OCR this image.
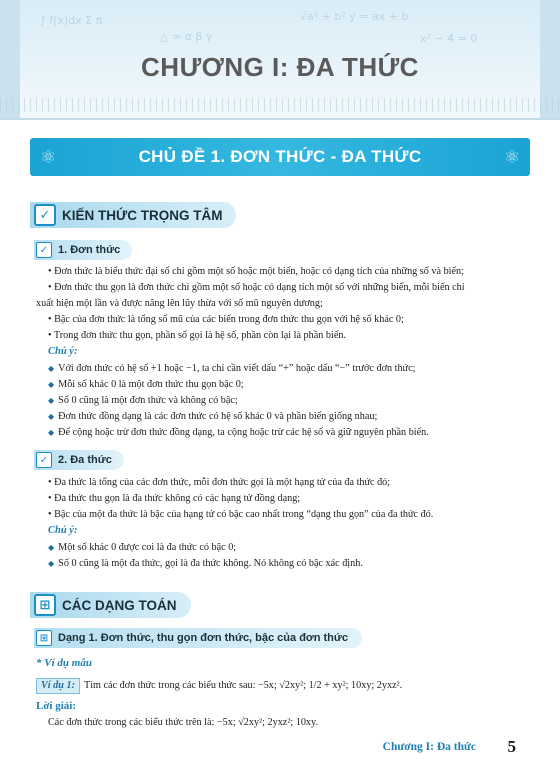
∫ f(x)dx Σ π	√a² + b² y = ax + b
△ ∞ α β γ	x² − 4 = 0
CHƯƠNG I: ĐA THỨC
⚛	CHỦ ĐỀ 1. ĐƠN THỨC - ĐA THỨC	⚛
✓ KIẾN THỨC TRỌNG TÂM
✓ 1. Đơn thức
• Đơn thức là biểu thức đại số chỉ gồm một số hoặc một biến, hoặc có dạng tích của những số và biến;
• Đơn thức thu gọn là đơn thức chỉ gồm một số hoặc có dạng tích một số với những biến, mỗi biến chỉ
xuất hiện một lần và được nâng lên lũy thừa với số mũ nguyên dương;
• Bậc của đơn thức là tổng số mũ của các biến trong đơn thức thu gọn với hệ số khác 0;
• Trong đơn thức thu gọn, phần số gọi là hệ số, phần còn lại là phần biến.
Chú ý:
◆ Với đơn thức có hệ số +1 hoặc −1, ta chỉ cần viết dấu “+” hoặc dấu “−” trước đơn thức;
◆ Mỗi số khác 0 là một đơn thức thu gọn bậc 0;
◆ Số 0 cũng là một đơn thức và không có bậc;
◆ Đơn thức đồng dạng là các đơn thức có hệ số khác 0 và phần biến giống nhau;
◆ Để cộng hoặc trừ đơn thức đồng dạng, ta cộng hoặc trừ các hệ số và giữ nguyên phần biến.
✓ 2. Đa thức
• Đa thức là tổng của các đơn thức, mỗi đơn thức gọi là một hạng tử của đa thức đó;
• Đa thức thu gọn là đa thức không có các hạng tử đồng dạng;
• Bậc của một đa thức là bậc của hạng tử có bậc cao nhất trong “dạng thu gọn” của đa thức đó.
Chú ý:
◆ Một số khác 0 được coi là đa thức có bậc 0;
◆ Số 0 cũng là một đa thức, gọi là đa thức không. Nó không có bậc xác định.
⊞ CÁC DẠNG TOÁN
⊞ Dạng 1. Đơn thức, thu gọn đơn thức, bậc của đơn thức
* Ví dụ mẫu
Ví dụ 1: Tìm các đơn thức trong các biểu thức sau: −5x; √2xy²; 1/2 + xy²; 10xy; 2yxz².
Lời giải:
Các đơn thức trong các biểu thức trên là: −5x; √2xy²; 2yxz²; 10xy.
Chương I: Đa thức 5
